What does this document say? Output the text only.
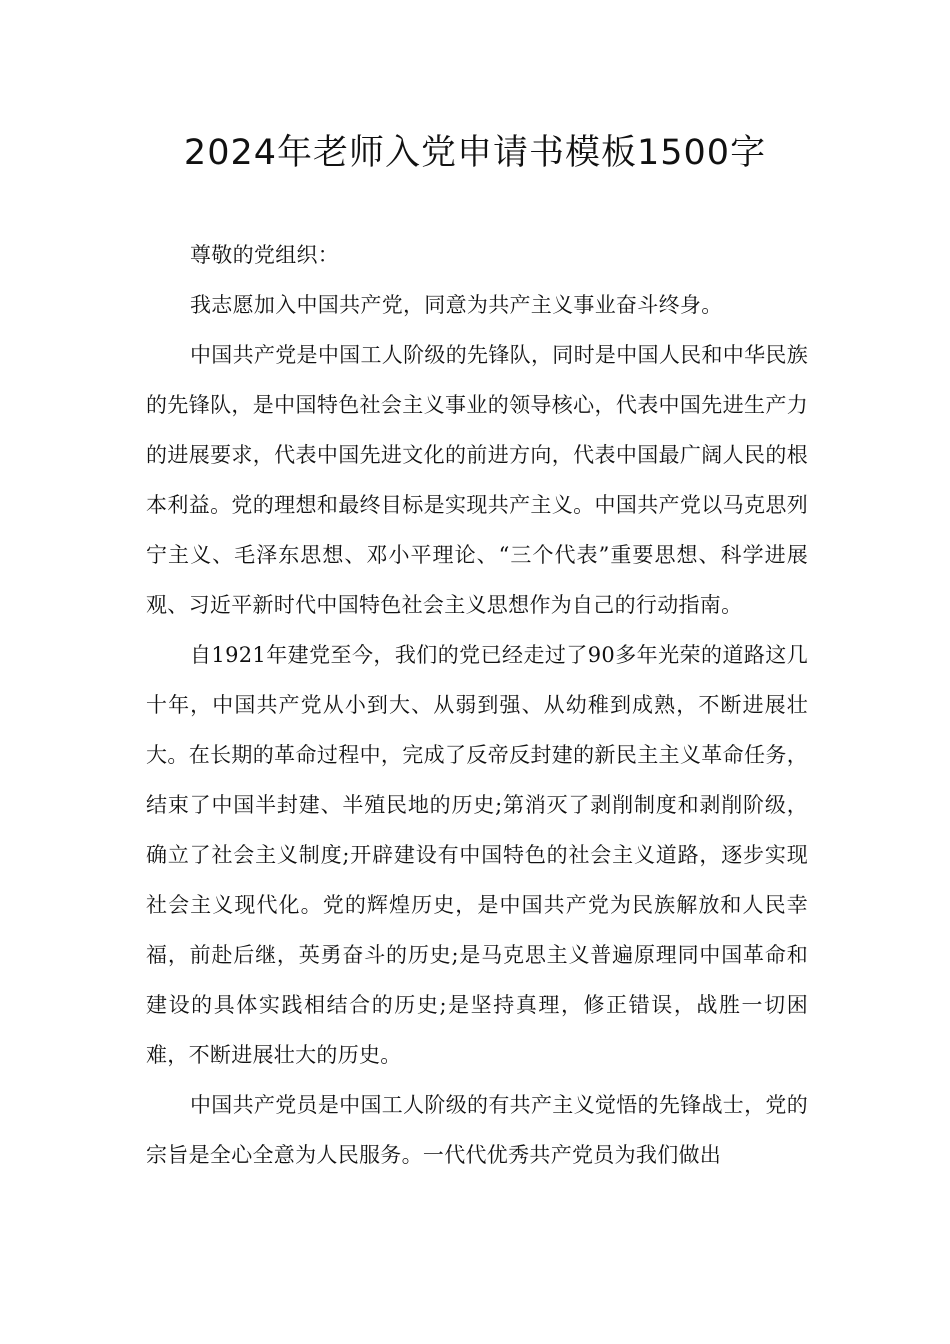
2024年老师入党申请书模板1500字

尊敬的党组织：

我志愿加入中国共产党，同意为共产主义事业奋斗终身。

中国共产党是中国工人阶级的先锋队，同时是中国人民和中华民族的先锋队，是中国特色社会主义事业的领导核心，代表中国先进生产力的进展要求，代表中国先进文化的前进方向，代表中国最广阔人民的根本利益。党的理想和最终目标是实现共产主义。中国共产党以马克思列宁主义、毛泽东思想、邓小平理论、“三个代表”重要思想、科学进展观、习近平新时代中国特色社会主义思想作为自己的行动指南。

自1921年建党至今，我们的党已经走过了90多年光荣的道路这几十年，中国共产党从小到大、从弱到强、从幼稚到成熟，不断进展壮大。在长期的革命过程中，完成了反帝反封建的新民主主义革命任务，结束了中国半封建、半殖民地的历史;第消灭了剥削制度和剥削阶级，确立了社会主义制度;开辟建设有中国特色的社会主义道路，逐步实现社会主义现代化。党的辉煌历史，是中国共产党为民族解放和人民幸福，前赴后继，英勇奋斗的历史;是马克思主义普遍原理同中国革命和建设的具体实践相结合的历史;是坚持真理，修正错误，战胜一切困难，不断进展壮大的历史。

中国共产党员是中国工人阶级的有共产主义觉悟的先锋战士，党的宗旨是全心全意为人民服务。一代代优秀共产党员为我们做出
